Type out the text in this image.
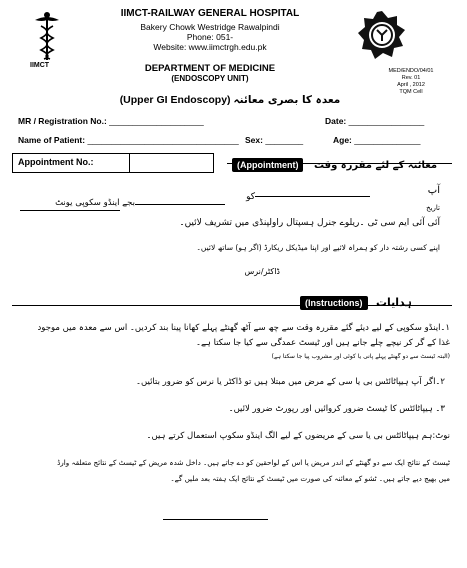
IIMCT
IIMCT-RAILWAY GENERAL HOSPITAL
Bakery Chowk Westridge Rawalpindi
Phone: 051-
Website: www.iimctrgh.edu.pk
DEPARTMENT OF MEDICINE
(ENDOSCOPY UNIT)
MED/ENDO/04/01
Rev. 01
April , 2012
TQM Cell
(Upper GI Endoscopy) معدہ کا بصری معائنہ
MR / Registration No.: ____________________	Date: ________________
Name of Patient: ________________________________ Sex: ________	Age: ______________
Appointment No.:	(Appointment) معائنہ کے لئے مقررہ وقت
آپ
کو
بجے اینڈو سکوپی یونٹ	تاریخ
آئی آئی ایم سی ٹی ۔ریلوے جنرل ہسپتال راولپنڈی میں تشریف لائیں۔
اپنے کسی رشتہ دار کو ہمراہ لائیے اور اپنا میڈیکل ریکارڈ (اگر ہو) ساتھ لائیں۔
ڈاکٹر/نرس
(Instructions) ہدایات
۱۔اینڈو سکوپی کے لیے دیئے گئے مقررہ وقت سے چھ سے آٹھ گھنٹے پہلے کھانا پینا بند کردیں۔ اس سے معدہ میں موجود
غذا کے گر کر نیچے چلے جانے ہیں اور ٹیسٹ عمدگی سے کیا جا سکتا ہے۔
(البتہ ٹیسٹ سے دو گھنٹے پہلے پانی یا کوئی اور مشروب پیا جا سکتا ہے)
۲۔اگر آپ ہیپاٹائٹس بی یا سی کے مرض میں مبتلا ہیں تو ڈاکٹر یا نرس کو ضرور بتائیں۔
۳۔ ہیپاٹائٹس کا ٹیسٹ ضرور کروائیں اور رپورٹ ضرور لائیں۔
نوٹ:ہم ہیپاٹائٹس بی یا سی کے مریضوں کے لیے الگ اینڈو سکوپ استعمال کرتے ہیں۔
ٹیسٹ کے نتائج ایک سے دو گھنٹے کے اندر مریض یا اس کے لواحقین کو دے جاتے ہیں۔ داخل شدہ مریض کے ٹیسٹ کے نتائج متعلقہ وارڈ
میں بھیج دیے جاتے ہیں۔ ٹشو کے معائنہ کی صورت میں ٹیسٹ کے نتائج ایک ہفتہ بعد ملیں گے۔
